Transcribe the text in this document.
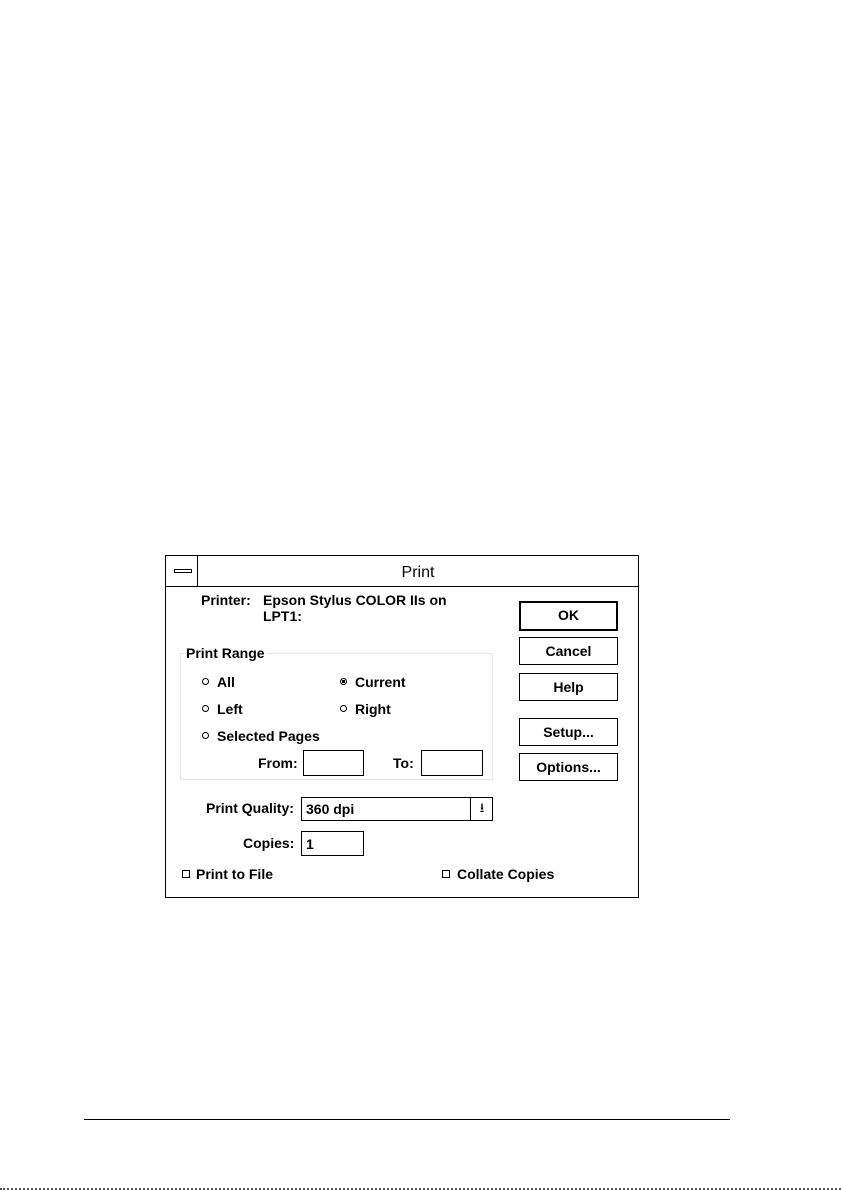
Print
Printer: Epson Stylus COLOR IIs on LPT1:
Print Range
All	Current
Left	Right
Selected Pages
From:	To:
Print Quality: 360 dpi	⭳
Copies: 1
Print to File	Collate Copies
OK
Cancel
Help
Setup...
Options...
